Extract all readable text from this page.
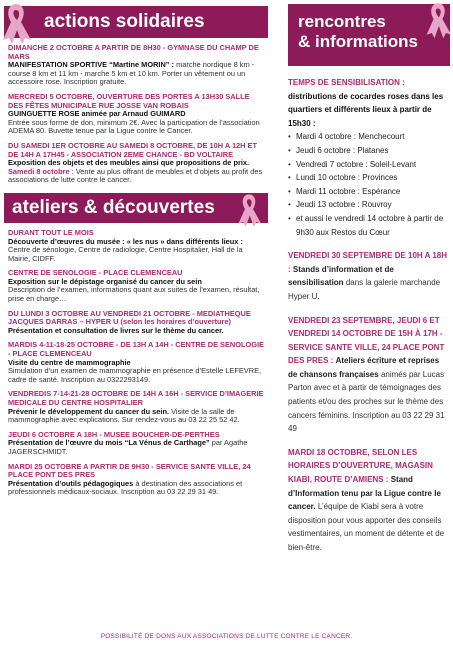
actions solidaires
DIMANCHE 2 OCTOBRE A PARTIR DE 8H30 - GYMNASE DU CHAMP DE MARS
MANIFESTATION SPORTIVE “Martine MORIN” : marche nordique 8 km - course 8 km et 11 km - marche 5 km et 10 km. Porter un vêtement ou un accessoire rose. Inscription gratuite.
MERCREDI 5 OCTOBRE, OUVERTURE DES PORTES A 13H30 SALLE DES FÊTES MUNICIPALE RUE JOSSE VAN ROBAIS
GUINGUETTE ROSE animée par Arnaud GUIMARD
Entrée sous forme de don, minimum 2€. Avec la participation de l’association ADEMA 80. Buvette tenue par la Ligue contre le Cancer.
DU SAMEDI 1ER OCTOBRE AU SAMEDI 8 OCTOBRE, DE 10H A 12H ET DE 14H A 17H45 - ASSOCIATION 2EME CHANCE - BD VOLTAIRE
Exposition des objets et des meubles ainsi que propositions de prix. Samedi 8 octobre : Vente au plus offrant de meubles et d’objets au profit des associations de lutte contre le cancer.
ateliers & découvertes
DURANT TOUT LE MOIS
Découverte d’œuvres du musée : « les nus » dans différents lieux : Centre de sénologie, Centre de radiologie, Centre Hospitalier, Hall de la Mairie, CIDFF.
CENTRE DE SENOLOGIE - PLACE CLEMENCEAU
Exposition sur le dépistage organisé du cancer du sein
Description de l’examen, informations quant aux suites de l’examen, résultat, prise en charge…
DU LUNDI 3 OCTOBRE AU VENDREDI 21 OCTOBRE - MEDIATHEQUE JACQUES DARRAS – HYPER U (selon les horaires d’ouverture)
Présentation et consultation de livres sur le thème du cancer.
MARDIS 4-11-18-25 OCTOBRE - DE 13H A 14H - CENTRE DE SENOLOGIE - PLACE CLEMENCEAU
Visite du centre de mammographie
Simulation d’un examen de mammographie en présence d’Estelle LEFEVRE, cadre de santé. Inscription au 0322293149.
VENDREDIS 7-14-21-28 OCTOBRE DE 14H A 16H - SERVICE D’IMAGERIE MEDICALE DU CENTRE HOSPITALIER
Prévenir le développement du cancer du sein. Visite de la salle de mammographie avec explications. Sur rendez-vous au 03 22 25 52 42.
JEUDI 6 OCTOBRE A 18H - MUSEE BOUCHER-DE-PERTHES
Présentation de l’œuvre du mois “La Vénus de Carthage” par Agathe JAGERSCHMIDT.
MARDI 25 OCTOBRE A PARTIR DE 9H30 - SERVICE SANTE VILLE, 24 PLACE PONT DES PRES
Présentation d’outils pédagogiques à destination des associations et professionnels médicaux-sociaux. Inscription au 03 22 29 31 49.
rencontres
& informations
TEMPS DE SENSIBILISATION :
distributions de cocardes roses dans les quartiers et différents lieux à partir de 15h30 :
• Mardi 4 octobre : Menchecourt
• Jeudi 6 octobre : Platanes
• Vendredi 7 octobre : Soleil-Levant
• Lundi 10 octobre : Provinces
• Mardi 11 octobre : Espérance
• Jeudi 13 octobre : Rouvroy
• et aussi le vendredi 14 octobre à partir de 9h30 aux Restos du Cœur
VENDREDI 30 SEPTEMBRE DE 10H A 18H : Stands d’information et de sensibilisation dans la galerie marchande Hyper U.
VENDREDI 23 SEPTEMBRE, JEUDI 6 ET VENDREDI 14 OCTOBRE DE 15H À 17H - SERVICE SANTE VILLE, 24 PLACE PONT DES PRES : Ateliers écriture et reprises de chansons françaises animés par Lucas Parton avec et à partir de témoignages des patients et/ou des proches sur le thème des cancers féminins. Inscription au 03 22 29 31 49
MARDI 18 OCTOBRE, SELON LES HORAIRES D’OUVERTURE, MAGASIN KIABI, ROUTE D’AMIENS : Stand d’Information tenu par la Ligue contre le cancer. L’équipe de Kiabi sera à votre disposition pour vous apporter des conseils vestimentaires, un moment de détente et de bien-être.
POSSIBILITÉ DE DONS AUX ASSOCIATIONS DE LUTTE CONTRE LE CANCER.
